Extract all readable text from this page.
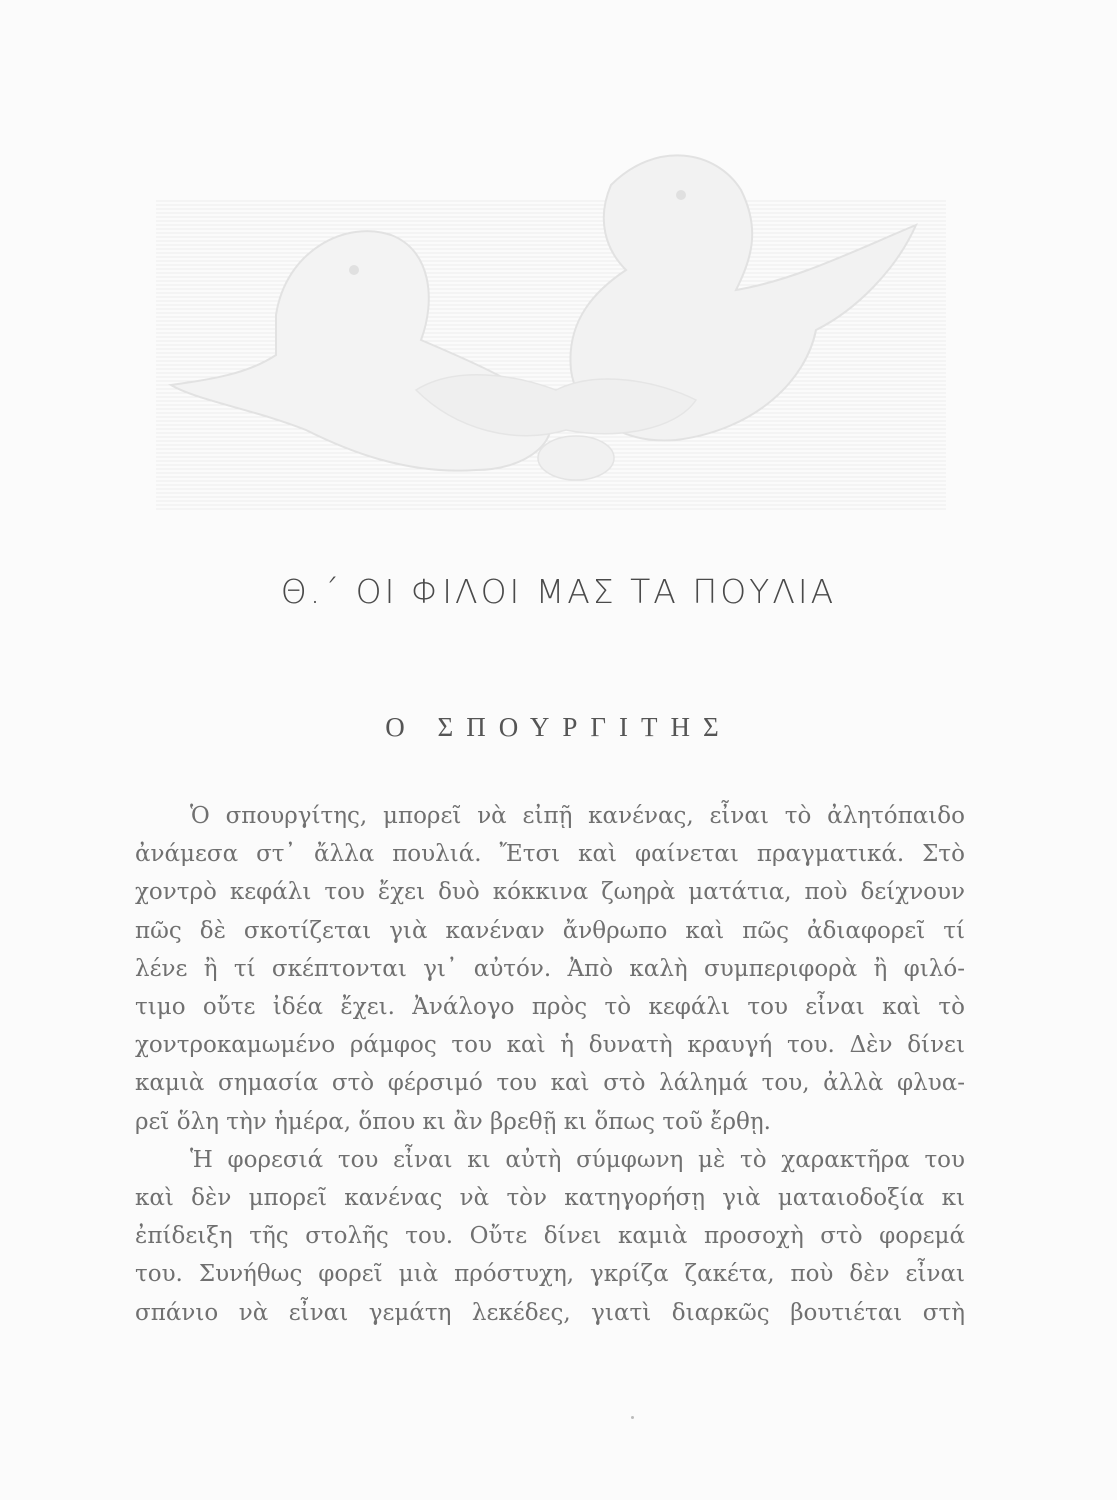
Θ.΄ ΟΙ ΦΙΛΟΙ ΜΑΣ ΤΑ ΠΟΥΛΙΑ
Ο ΣΠΟΥΡΓΙΤΗΣ
Ὁ σπουργίτης, μπορεῖ νὰ εἰπῇ κανένας, εἶναι τὸ ἀλητόπαιδο
ἀνάμεσα στ᾽ ἄλλα πουλιά. Ἔτσι καὶ φαίνεται πραγματικά. Στὸ
χοντρὸ κεφάλι του ἔχει δυὸ κόκκινα ζωηρὰ ματάτια, ποὺ δείχνουν
πῶς δὲ σκοτίζεται γιὰ κανέναν ἄνθρωπο καὶ πῶς ἀδιαφορεῖ τί
λένε ἢ τί σκέπτονται γι᾽ αὐτόν. Ἀπὸ καλὴ συμπεριφορὰ ἢ φιλό-
τιμο οὔτε ἰδέα ἔχει. Ἀνάλογο πρὸς τὸ κεφάλι του εἶναι καὶ τὸ
χοντροκαμωμένο ράμφος του καὶ ἡ δυνατὴ κραυγή του. Δὲν δίνει
καμιὰ σημασία στὸ φέρσιμό του καὶ στὸ λάλημά του, ἀλλὰ φλυα-
ρεῖ ὅλη τὴν ἡμέρα, ὅπου κι ἂν βρεθῇ κι ὅπως τοῦ ἔρθῃ.
Ἡ φορεσιά του εἶναι κι αὐτὴ σύμφωνη μὲ τὸ χαρακτῆρα του
καὶ δὲν μπορεῖ κανένας νὰ τὸν κατηγορήσῃ γιὰ ματαιοδοξία κι
ἐπίδειξη τῆς στολῆς του. Οὔτε δίνει καμιὰ προσοχὴ στὸ φορεμά
του. Συνήθως φορεῖ μιὰ πρόστυχη, γκρίζα ζακέτα, ποὺ δὲν εἶναι
σπάνιο νὰ εἶναι γεμάτη λεκέδες, γιατὶ διαρκῶς βουτιέται στὴ
